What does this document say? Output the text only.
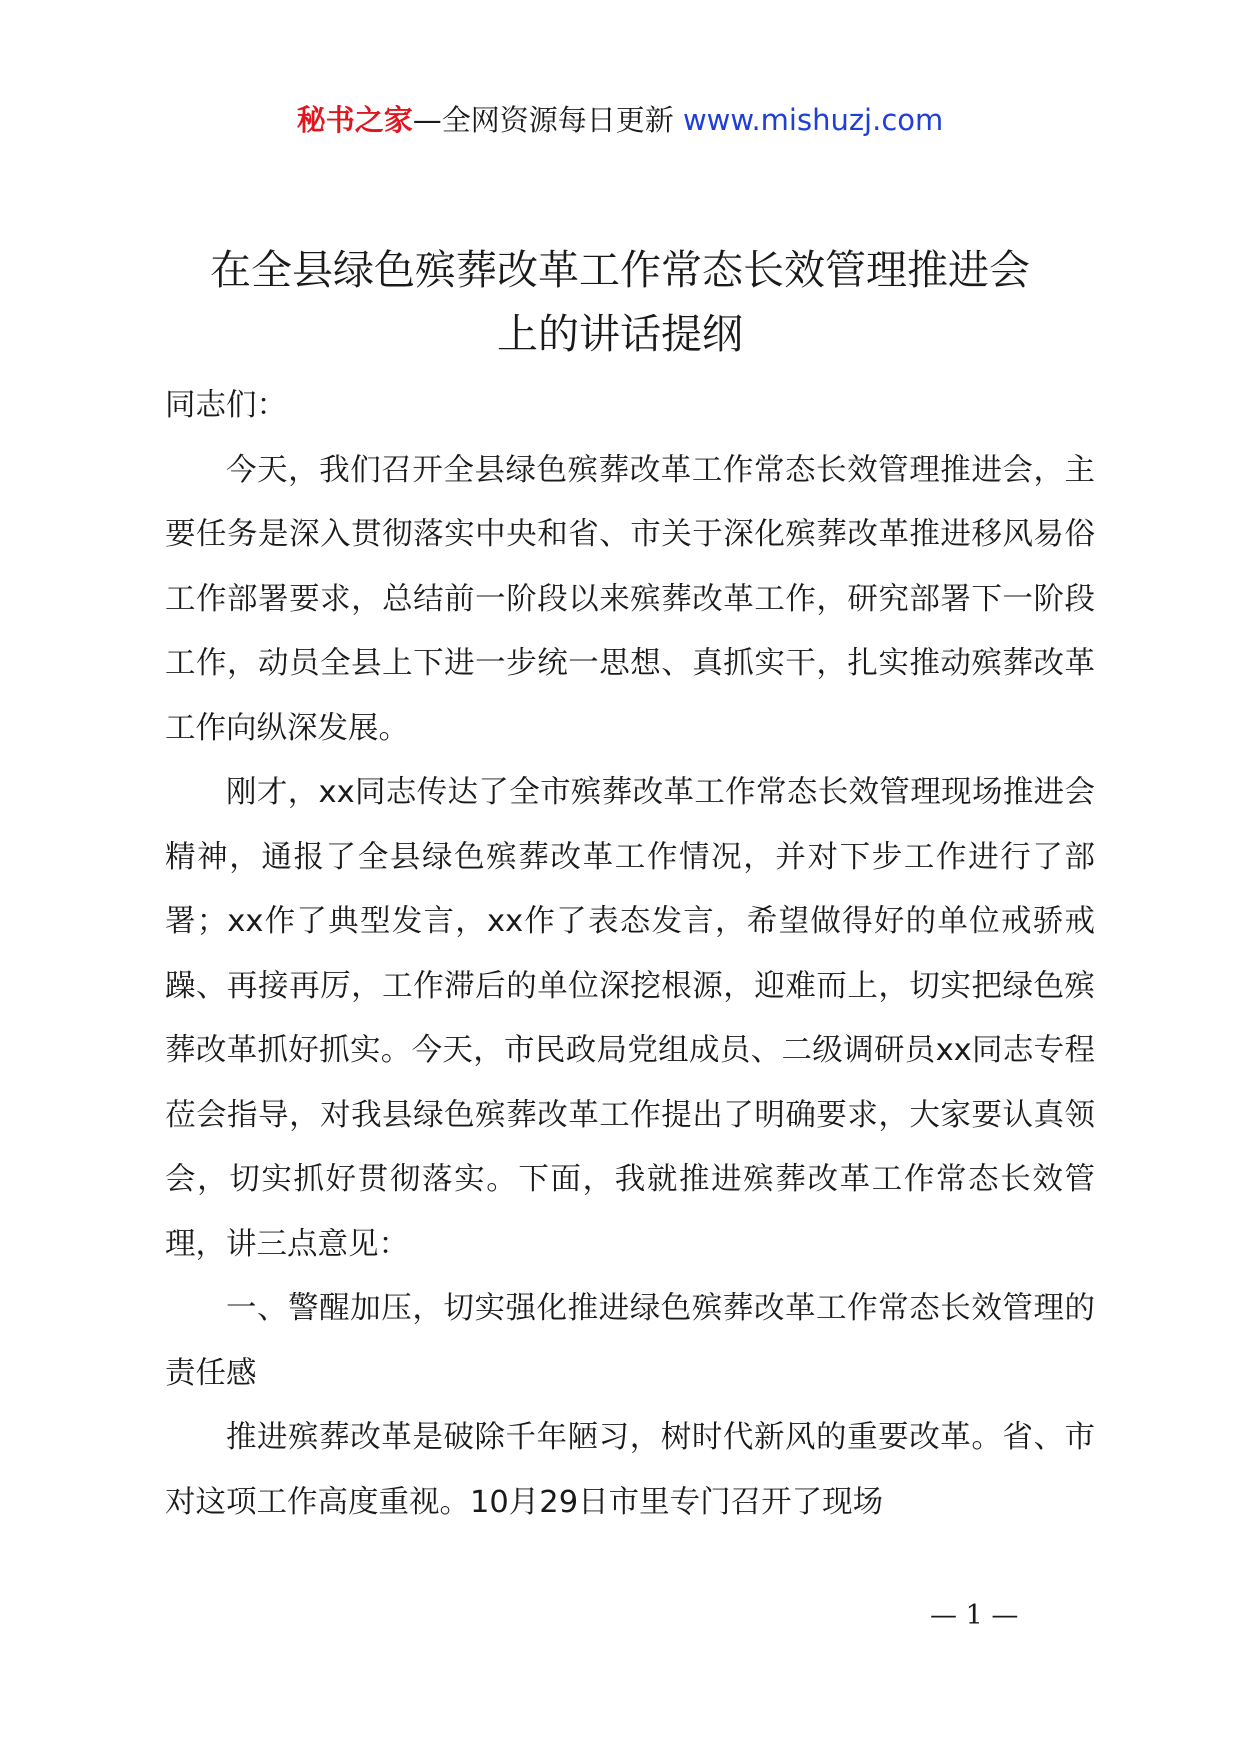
秘书之家—全网资源每日更新 www.mishuzj.com
在全县绿色殡葬改革工作常态长效管理推进会
上的讲话提纲

同志们：

今天，我们召开全县绿色殡葬改革工作常态长效管理推进会，主要任务是深入贯彻落实中央和省、市关于深化殡葬改革推进移风易俗工作部署要求，总结前一阶段以来殡葬改革工作，研究部署下一阶段工作，动员全县上下进一步统一思想、真抓实干，扎实推动殡葬改革工作向纵深发展。

刚才，xx同志传达了全市殡葬改革工作常态长效管理现场推进会精神，通报了全县绿色殡葬改革工作情况，并对下步工作进行了部署；xx作了典型发言，xx作了表态发言，希望做得好的单位戒骄戒躁、再接再厉，工作滞后的单位深挖根源，迎难而上，切实把绿色殡葬改革抓好抓实。今天，市民政局党组成员、二级调研员xx同志专程莅会指导，对我县绿色殡葬改革工作提出了明确要求，大家要认真领会，切实抓好贯彻落实。下面，我就推进殡葬改革工作常态长效管理，讲三点意见：

一、警醒加压，切实强化推进绿色殡葬改革工作常态长效管理的责任感

推进殡葬改革是破除千年陋习，树时代新风的重要改革。省、市对这项工作高度重视。10月29日市里专门召开了现场

— 1 —
